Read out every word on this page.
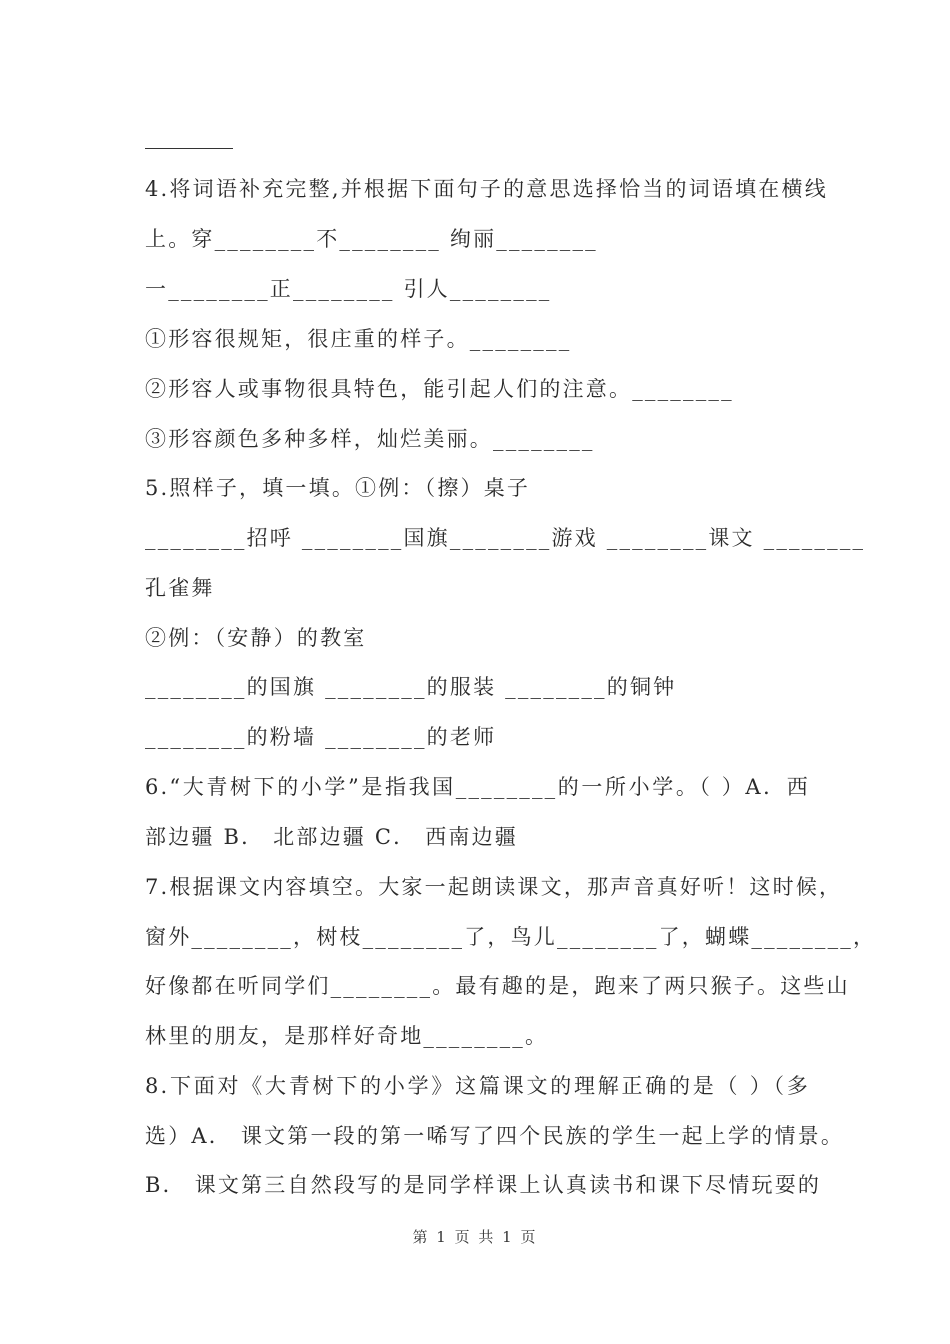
4.将词语补充完整,并根据下面句子的意思选择恰当的词语填在横线
上。穿________不________ 绚丽________
一________正________ 引人________
①形容很规矩，很庄重的样子。________
②形容人或事物很具特色，能引起人们的注意。________
③形容颜色多种多样，灿烂美丽。________
5.照样子，填一填。①例：（擦）桌子
________招呼 ________国旗________游戏 ________课文 ________
孔雀舞
②例：（安静）的教室
________的国旗 ________的服装 ________的铜钟
________的粉墙 ________的老师
6.“大青树下的小学”是指我国________的一所小学。（ ）A．西
部边疆 B． 北部边疆 C． 西南边疆
7.根据课文内容填空。大家一起朗读课文，那声音真好听！这时候，
窗外________，树枝________了，鸟儿________了，蝴蝶________，
好像都在听同学们________。最有趣的是，跑来了两只猴子。这些山
林里的朋友，是那样好奇地________。
8.下面对《大青树下的小学》这篇课文的理解正确的是（ ）（多
选）A． 课文第一段的第一唏写了四个民族的学生一起上学的情景。
B． 课文第三自然段写的是同学样课上认真读书和课下尽情玩耍的
第 1 页 共 1 页
